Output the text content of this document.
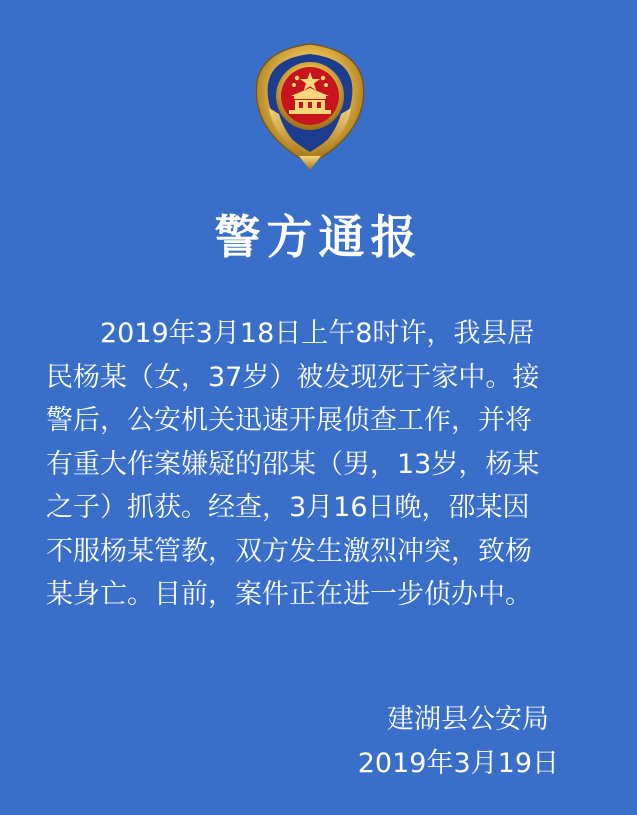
警方通报
2019年3月18日上午8时许，我县居
民杨某（女，37岁）被发现死于家中。接
警后，公安机关迅速开展侦查工作，并将
有重大作案嫌疑的邵某（男，13岁，杨某
之子）抓获。经查，3月16日晚，邵某因
不服杨某管教，双方发生激烈冲突，致杨
某身亡。目前，案件正在进一步侦办中。
建湖县公安局
2019年3月19日
